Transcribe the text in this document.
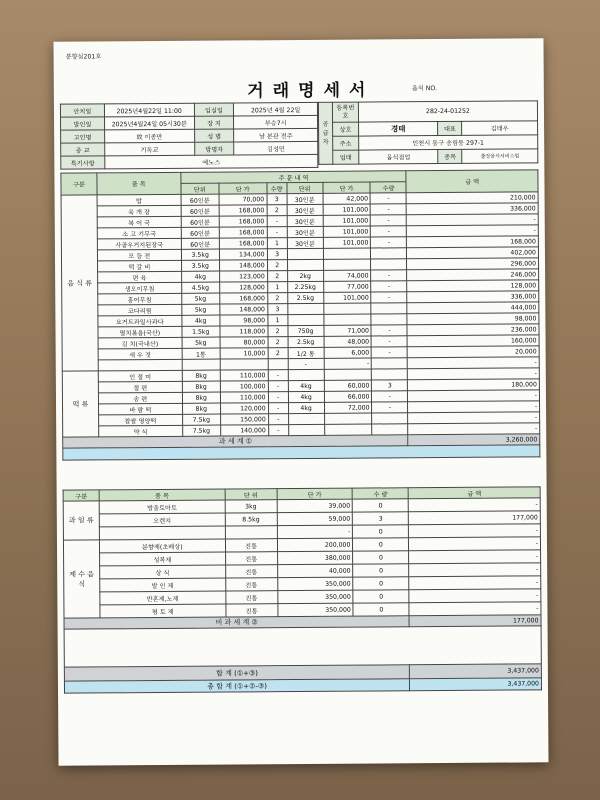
분향실201호
거래명세서	음식 NO.
안치일	2025년4월22일 11:00	입실일	2025년 4월 22일
발인일	2025년4월24일 05시30분	장 지	부승7시
고인명	故 이종만	성 별	남 본관 전주
종 교	기독교	방명자	김성민
특기사항	예노스		
공급자	등록번호	282-24-01252		
	상호	경태	대표	김태우
	주소	인천시 동구 송림동 297-1		
	업태	음식점업	종목	출장음식서비스업
구분	품 목	주 문 내 역						금 액
		단위	단 가	수량	단위	단 가	수량	
음 식 류	밥	60인분	70,000	3	30인분	42,000	-	210,000
	육 개 장	60인분	168,000	2	30인분	101,000	-	336,000
	북 어 국	60인분	168,000	-	30인분	101,000	-	-
	소 고 기무국	60인분	168,000	-	30인분	101,000	-	-
	사골우거지된장국	60인분	168,000	1	30인분	101,000	-	168,000
	모 듬 전	3.5kg	134,000	3				402,000
	떡 갈 비	3.5kg	148,000	2				296,000
	편 육	4kg	123,000	2	2kg	74,000	-	246,000
	생오이무침	4.5kg	128,000	1	2.25kg	77,000	-	128,000
	홍어무침	5kg	168,000	2	2.5kg	101,000	-	336,000
	코다리찜	5kg	148,000	3				444,000
	요거트과일사과다	4kg	98,000	1				98,000
	멸치볶음(국산)	1.5kg	118,000	2	750g	71,000	-	236,000
	김 치(국내산)	5kg	80,000	2	2.5kg	48,000	-	160,000
	새 우 젓	1통	10,000	2	1/2 통	6,000	-	20,000
					-	-		-
떡 류	인 절 미	8kg	110,000	-				-
	절 편	8kg	100,000	-	4kg	60,000	3	180,000
	송 편	8kg	110,000	-	4kg	66,000	-	-
	바 람 떡	8kg	120,000	-	4kg	72,000	-	-
	찹쌀 영양떡	7.5kg	150,000	-				-
	약 식	7.5kg	140,000	-				-
과 세 계 ①								3,260,000

구분	품 목	단 위	단 가	수 량	금 액
과 일 류	방울토마토	3kg	39,000	0	-
	오렌지	8.5kg	59,000	3	177,000
			-	0	-
제 수 음 식	분향제(초배상)	진통	200,000	0	-
	성복제	진통	380,000	0	-
	상 식	진통	40,000	0	-
	발 인 제	진통	350,000	0	-
	반혼제,노제	진통	350,000	0	-
	평 토 제	진통	350,000	0	-
비 과 세 계 ②					177,000

합 계 (①+③)					3,437,000
총 합 계 (①+②-③)					3,437,000
